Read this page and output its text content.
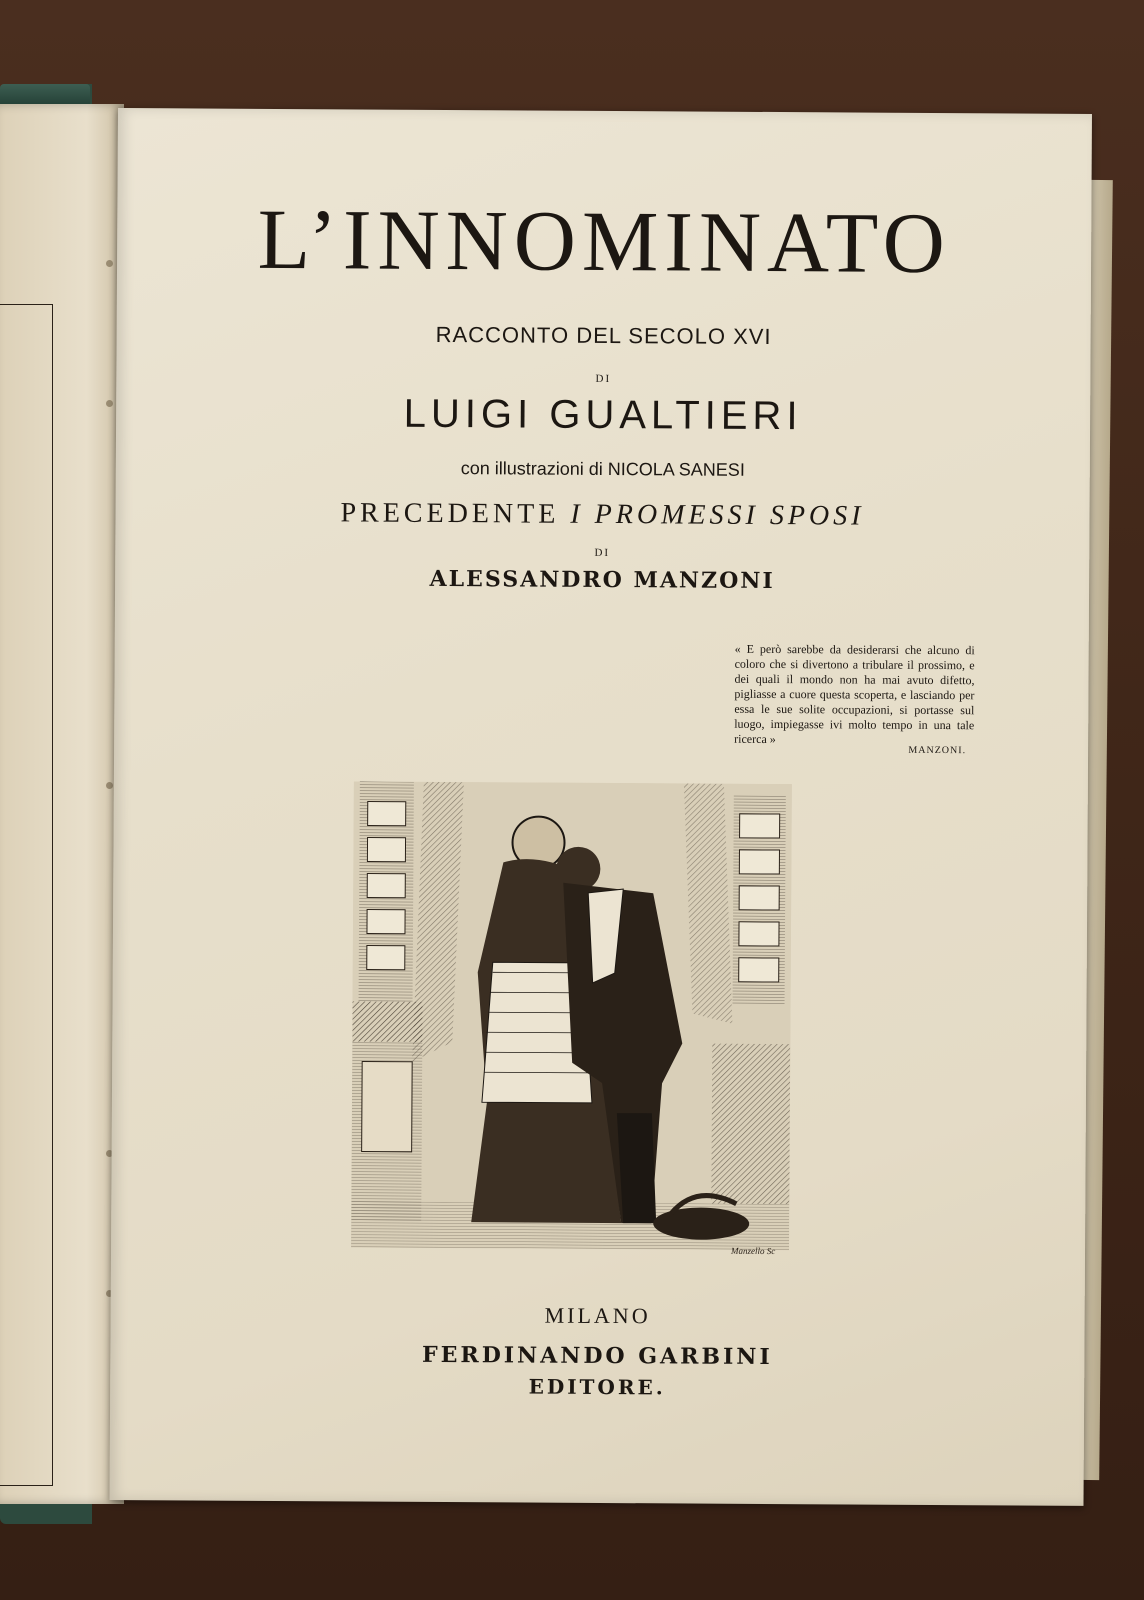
L’INNOMINATO
RACCONTO DEL SECOLO XVI
DI
LUIGI GUALTIERI
con illustrazioni di NICOLA SANESI
PRECEDENTE I PROMESSI SPOSI
DI
ALESSANDRO MANZONI
« E però sarebbe da desiderarsi che alcuno di coloro che si divertono a tribulare il prossimo, e dei quali il mondo non ha mai avuto difetto, pigliasse a cuore questa scoperta, e lasciando per essa le sue solite occupazioni, si portasse sul luogo, impiegasse ivi molto tempo in una tale ricerca »
MANZONI.
Manzello Sc
MILANO
FERDINANDO GARBINI
EDITORE.
